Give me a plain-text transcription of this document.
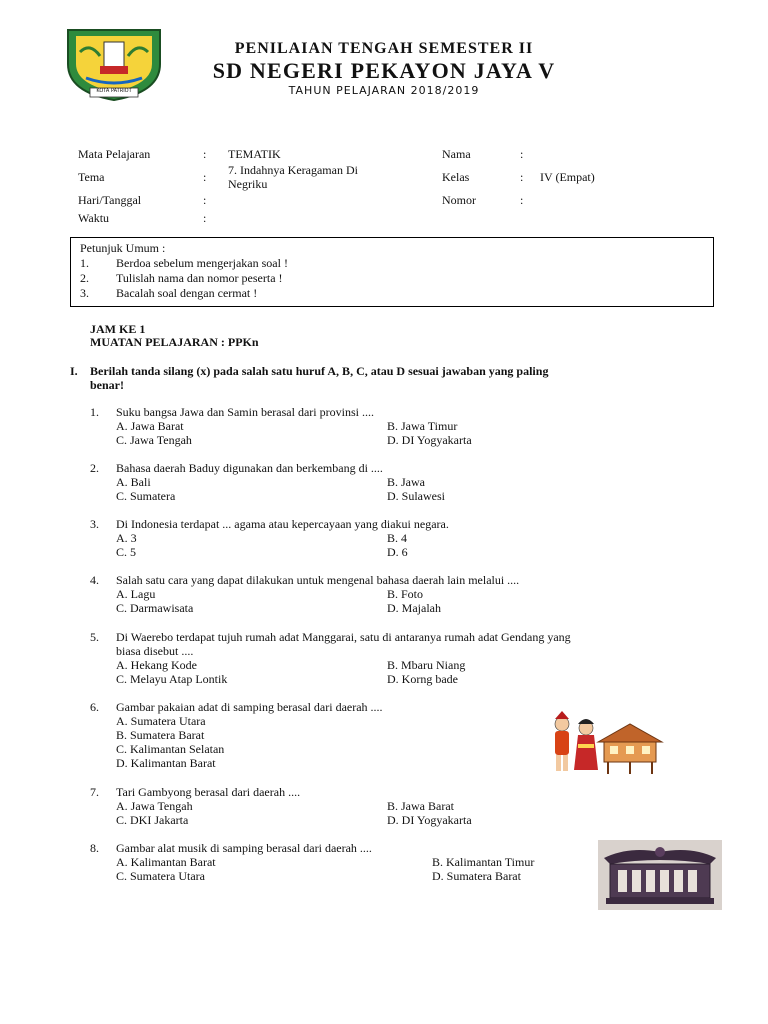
KOTA PATRIOT
PENILAIAN TENGAH SEMESTER II
SD NEGERI PEKAYON JAYA V
TAHUN PELAJARAN 2018/2019
Mata Pelajaran	: TEMATIK
Tema	: 7. Indahnya Keragaman Di
Negriku
Hari/Tanggal	:
Waktu	:
Nama	:
Kelas	: IV (Empat)
Nomor	:
Petunjuk Umum :
1. Berdoa sebelum mengerjakan soal !
2. Tulislah nama dan nomor peserta !
3. Bacalah soal dengan cermat !
JAM KE 1
MUATAN PELAJARAN : PPKn
I. Berilah tanda silang (x) pada salah satu huruf A, B, C, atau D sesuai jawaban yang paling
benar!
1. Suku bangsa Jawa dan Samin berasal dari provinsi ....
A. Jawa Barat	B. Jawa Timur
C. Jawa Tengah	D. DI Yogyakarta
2. Bahasa daerah Baduy digunakan dan berkembang di ....
A. Bali	B. Jawa
C. Sumatera	D. Sulawesi
3. Di Indonesia terdapat ... agama atau kepercayaan yang diakui negara.
A. 3	B. 4
C. 5	D. 6
4. Salah satu cara yang dapat dilakukan untuk mengenal bahasa daerah lain melalui ....
A. Lagu	B. Foto
C. Darmawisata	D. Majalah
5. Di Waerebo terdapat tujuh rumah adat Manggarai, satu di antaranya rumah adat Gendang yang
biasa disebut ....
A. Hekang Kode	B. Mbaru Niang
C. Melayu Atap Lontik	D. Korng bade
6. Gambar pakaian adat di samping berasal dari daerah ....
A. Sumatera Utara
B. Sumatera Barat
C. Kalimantan Selatan
D. Kalimantan Barat
7. Tari Gambyong berasal dari daerah ....
A. Jawa Tengah	B. Jawa Barat
C. DKI Jakarta	D. DI Yogyakarta
8. Gambar alat musik di samping berasal dari daerah ....
A. Kalimantan Barat	B. Kalimantan Timur
C. Sumatera Utara	D. Sumatera Barat
